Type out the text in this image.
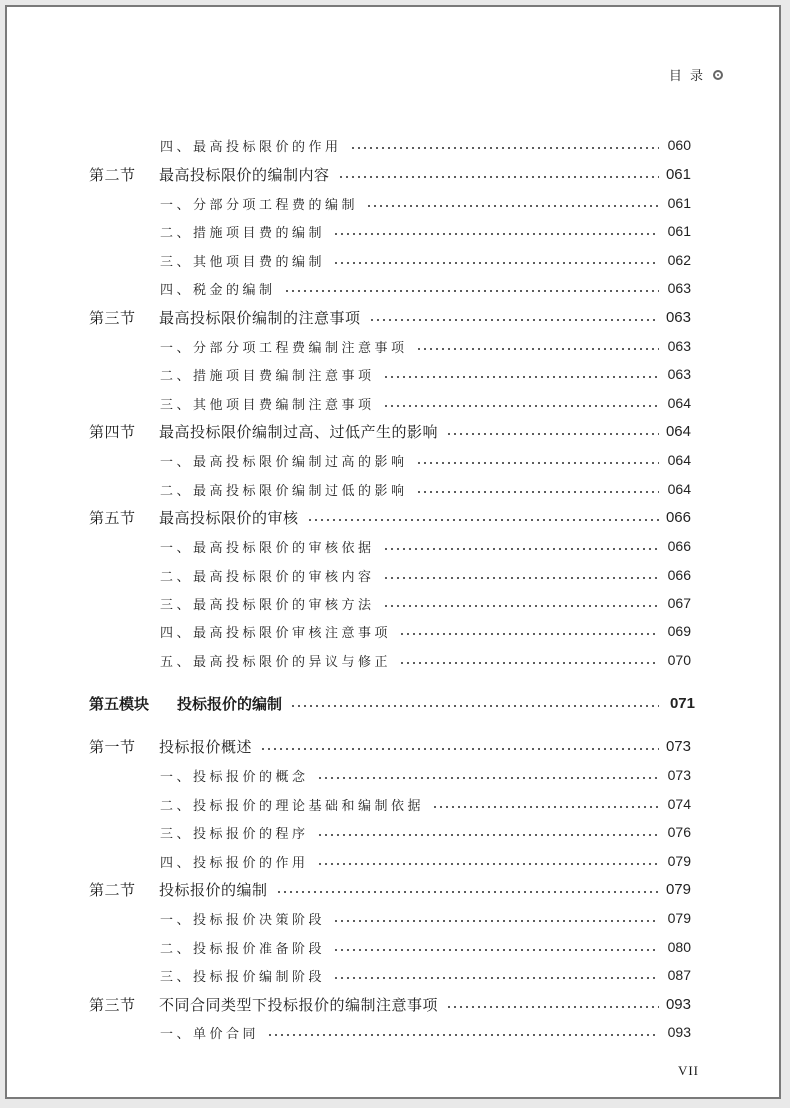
目 录
四、最高投标限价的作用	060
第二节	最高投标限价的编制内容	061
一、分部分项工程费的编制	061
二、措施项目费的编制	061
三、其他项目费的编制	062
四、税金的编制	063
第三节	最高投标限价编制的注意事项	063
一、分部分项工程费编制注意事项	063
二、措施项目费编制注意事项	063
三、其他项目费编制注意事项	064
第四节	最高投标限价编制过高、过低产生的影响	064
一、最高投标限价编制过高的影响	064
二、最高投标限价编制过低的影响	064
第五节	最高投标限价的审核	066
一、最高投标限价的审核依据	066
二、最高投标限价的审核内容	066
三、最高投标限价的审核方法	067
四、最高投标限价审核注意事项	069
五、最高投标限价的异议与修正	070
第五模块	投标报价的编制	071
第一节	投标报价概述	073
一、投标报价的概念	073
二、投标报价的理论基础和编制依据	074
三、投标报价的程序	076
四、投标报价的作用	079
第二节	投标报价的编制	079
一、投标报价决策阶段	079
二、投标报价准备阶段	080
三、投标报价编制阶段	087
第三节	不同合同类型下投标报价的编制注意事项	093
一、单价合同	093
VII
